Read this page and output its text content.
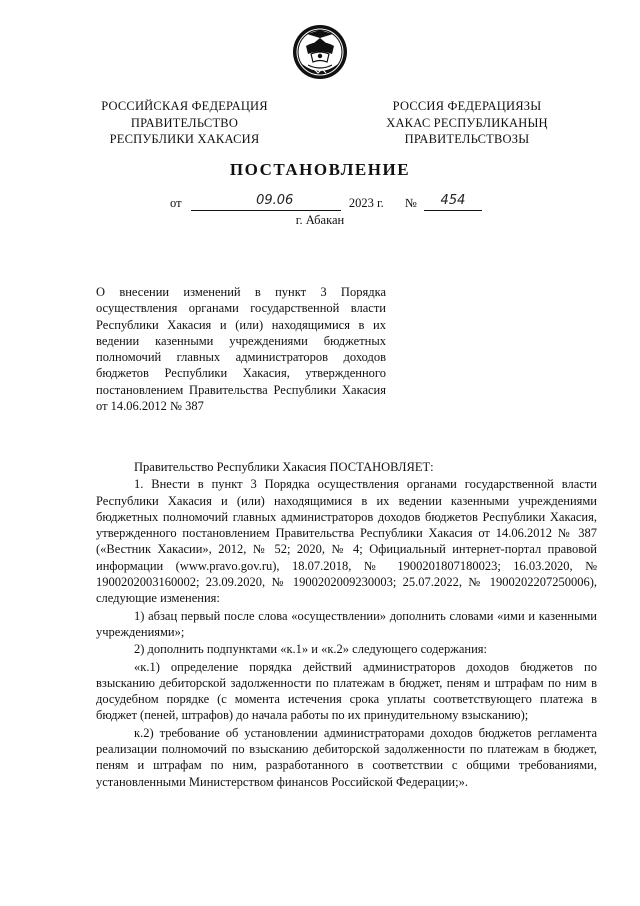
РОССИЙСКАЯ ФЕДЕРАЦИЯ
ПРАВИТЕЛЬСТВО
РЕСПУБЛИКИ ХАКАСИЯ
РОССИЯ ФЕДЕРАЦИЯЗЫ
ХАКАС РЕСПУБЛИКАНЫҢ
ПРАВИТЕЛЬСТВОЗЫ
ПОСТАНОВЛЕНИЕ
от	09.06	2023 г. № 454
г. Абакан
О внесении изменений в пункт 3 Порядка осуществления органами государственной власти Республики Хакасия и (или) находящимися в их ведении казенными учреждениями бюджетных полномочий главных администраторов доходов бюджетов Республики Хакасия, утвержденного постановлением Правительства Республики Хакасия от 14.06.2012 № 387

Правительство Республики Хакасия ПОСТАНОВЛЯЕТ:

1. Внести в пункт 3 Порядка осуществления органами государственной власти Республики Хакасия и (или) находящимися в их ведении казенными учреждениями бюджетных полномочий главных администраторов доходов бюджетов Республики Хакасия, утвержденного постановлением Правительства Республики Хакасия от 14.06.2012 № 387 («Вестник Хакасии», 2012, № 52; 2020, № 4; Официальный интернет-портал правовой информации (www.pravo.gov.ru), 18.07.2018, № 1900201807180023; 16.03.2020, № 1900202003160002; 23.09.2020, № 1900202009230003; 25.07.2022, № 1900202207250006), следующие изменения:

1) абзац первый после слова «осуществлении» дополнить словами «ими и казенными учреждениями»;

2) дополнить подпунктами «к.1» и «к.2» следующего содержания:

«к.1) определение порядка действий администраторов доходов бюджетов по взысканию дебиторской задолженности по платежам в бюджет, пеням и штрафам по ним в досудебном порядке (с момента истечения срока уплаты соответствующего платежа в бюджет (пеней, штрафов) до начала работы по их принудительному взысканию);

к.2) требование об установлении администраторами доходов бюджетов регламента реализации полномочий по взысканию дебиторской задолженности по платежам в бюджет, пеням и штрафам по ним, разработанного в соответствии с общими требованиями, установленными Министерством финансов Российской Федерации;».
